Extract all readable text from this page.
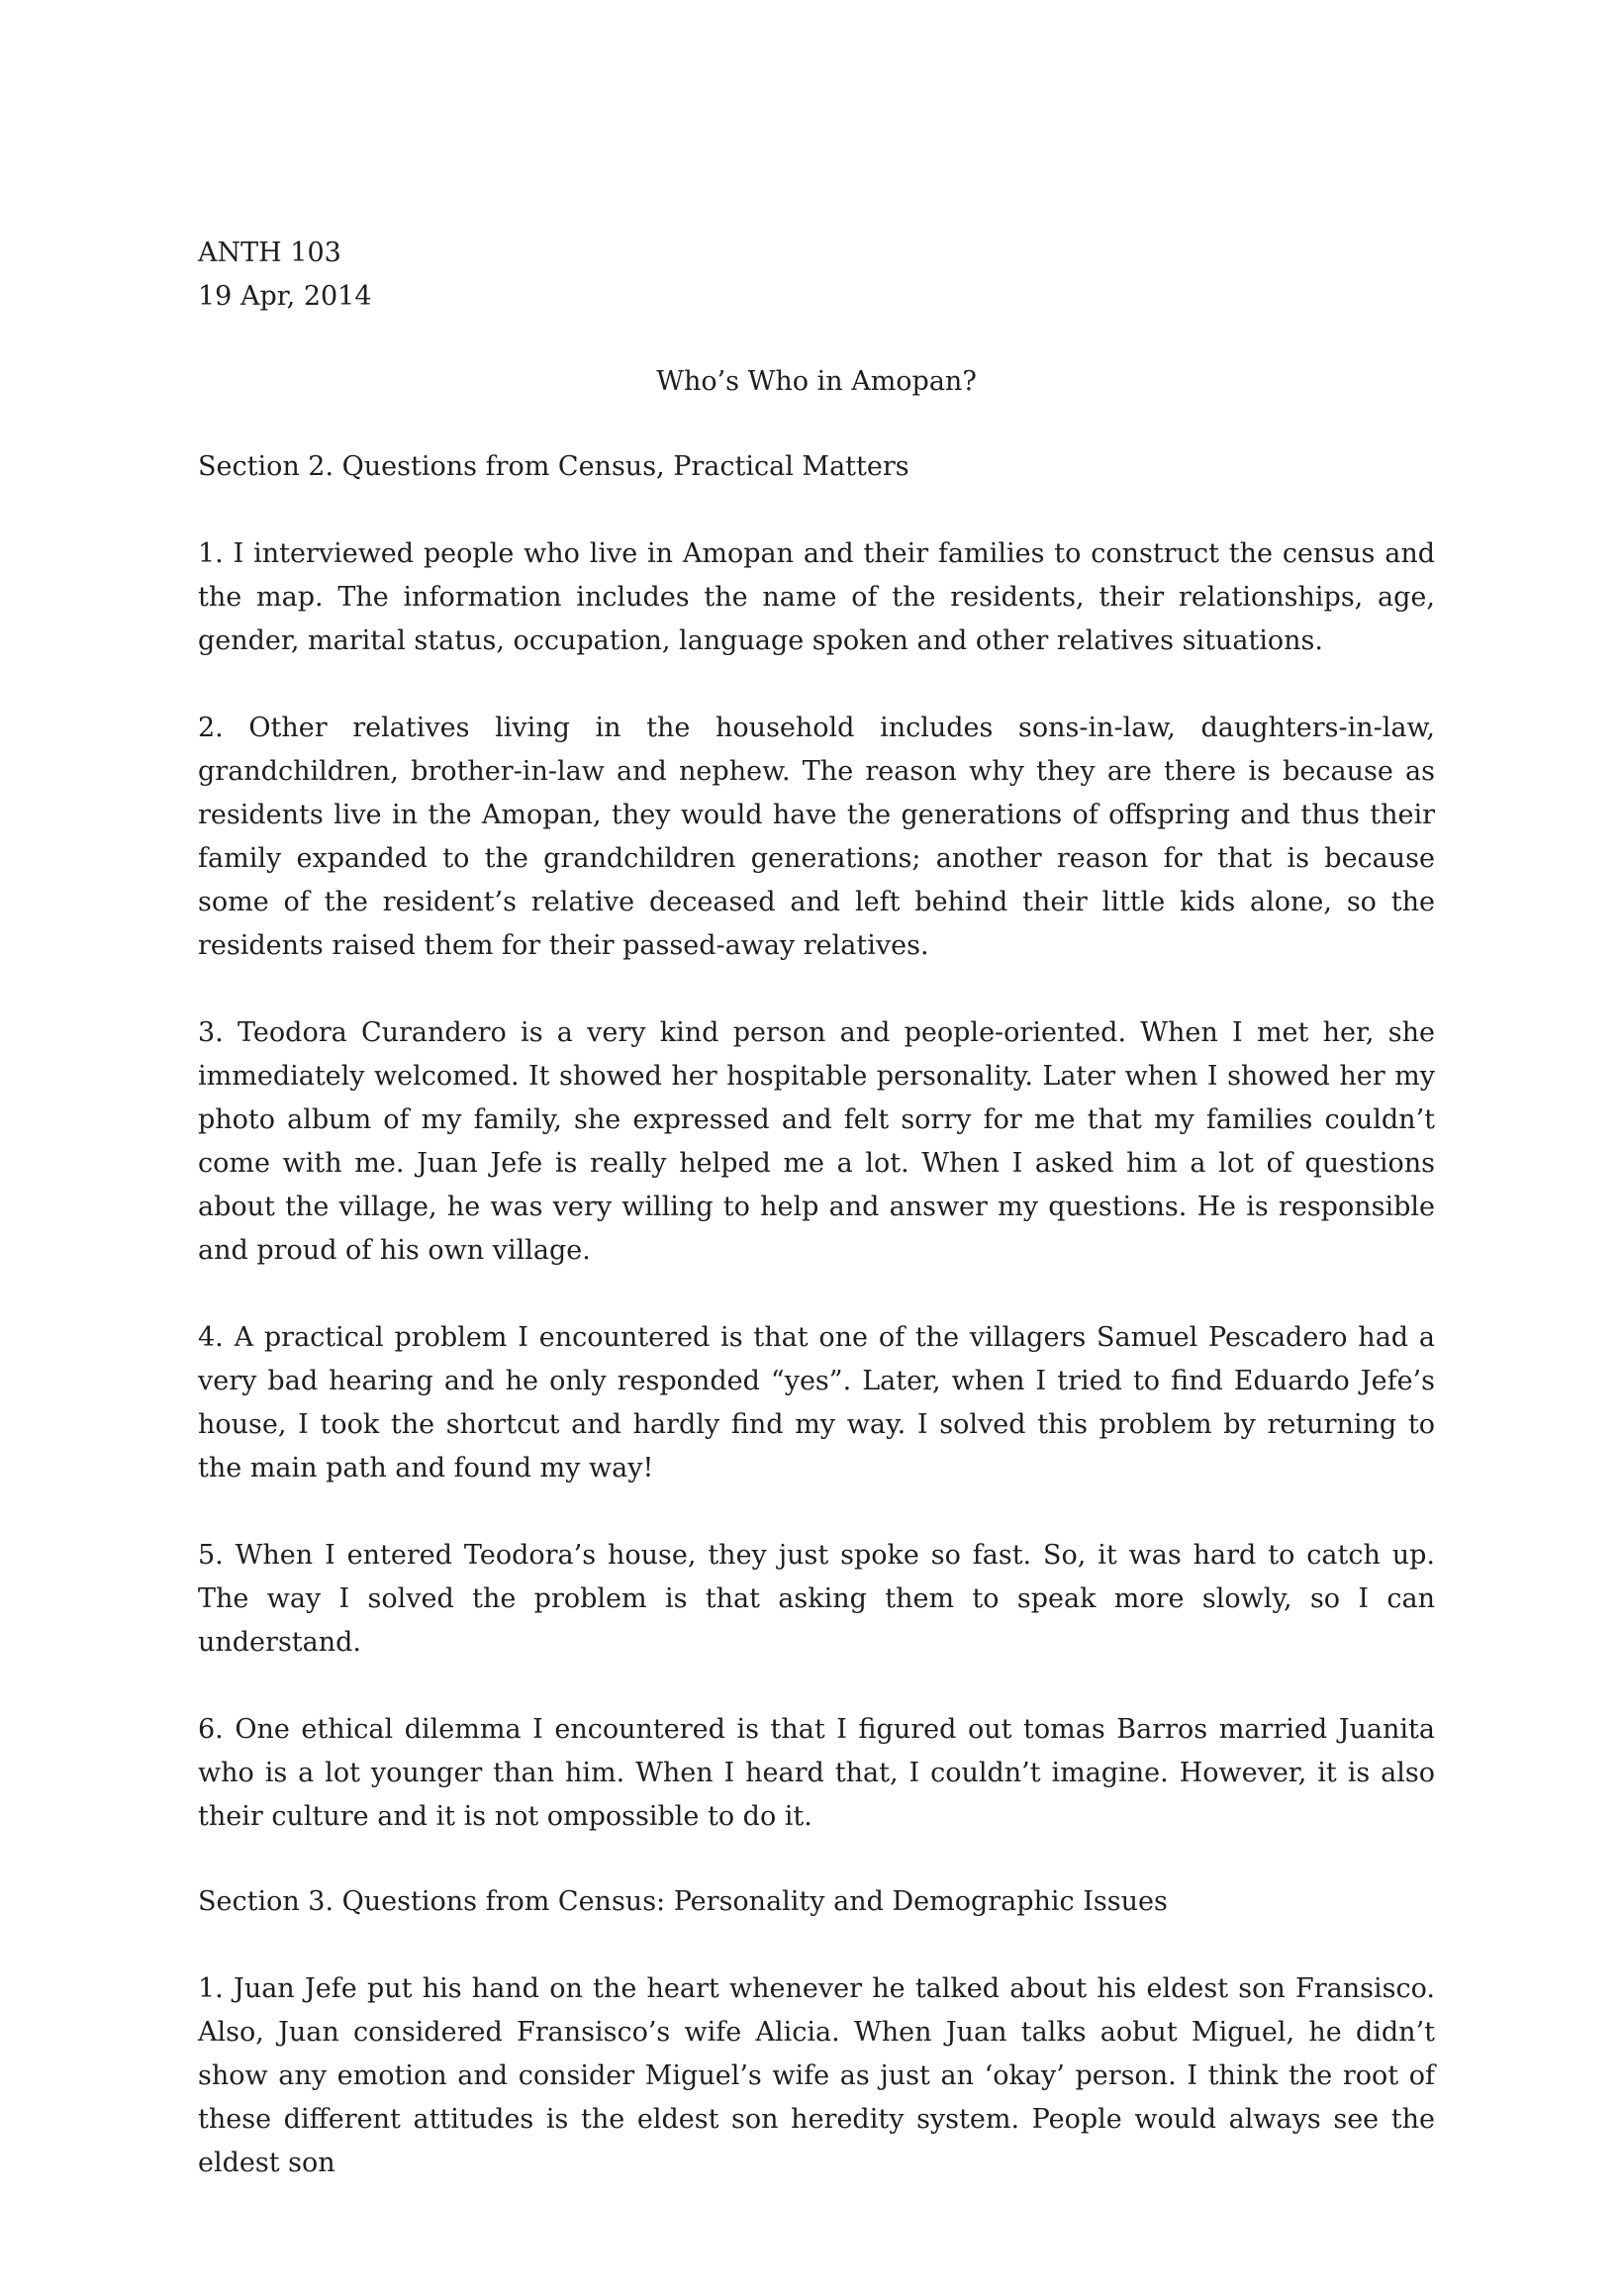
ANTH 103

19 Apr, 2014

Who’s Who in Amopan?

Section 2. Questions from Census, Practical Matters

1. I interviewed people who live in Amopan and their families to construct the census and the map. The information includes the name of the residents, their relationships, age, gender, marital status, occupation, language spoken and other relatives situations.

2. Other relatives living in the household includes sons-in-law, daughters-in-law, grandchildren, brother-in-law and nephew. The reason why they are there is because as residents live in the Amopan, they would have the generations of offspring and thus their family expanded to the grandchildren generations; another reason for that is because some of the resident’s relative deceased and left behind their little kids alone, so the residents raised them for their passed-away relatives.

3. Teodora Curandero is a very kind person and people-oriented. When I met her, she immediately welcomed. It showed her hospitable personality. Later when I showed her my photo album of my family, she expressed and felt sorry for me that my families couldn’t come with me. Juan Jefe is really helped me a lot. When I asked him a lot of questions about the village, he was very willing to help and answer my questions. He is responsible and proud of his own village.

4. A practical problem I encountered is that one of the villagers Samuel Pescadero had a very bad hearing and he only responded “yes”. Later, when I tried to find Eduardo Jefe’s house, I took the shortcut and hardly find my way. I solved this problem by returning to the main path and found my way!

5. When I entered Teodora’s house, they just spoke so fast. So, it was hard to catch up. The way I solved the problem is that asking them to speak more slowly, so I can understand.

6. One ethical dilemma I encountered is that I figured out tomas Barros married Juanita who is a lot younger than him. When I heard that, I couldn’t imagine. However, it is also their culture and it is not ompossible to do it.

Section 3. Questions from Census: Personality and Demographic Issues

1. Juan Jefe put his hand on the heart whenever he talked about his eldest son Fransisco. Also, Juan considered Fransisco’s wife Alicia. When Juan talks aobut Miguel, he didn’t show any emotion and consider Miguel’s wife as just an ‘okay’ person. I think the root of these different attitudes is the eldest son heredity system. People would always see the eldest son
